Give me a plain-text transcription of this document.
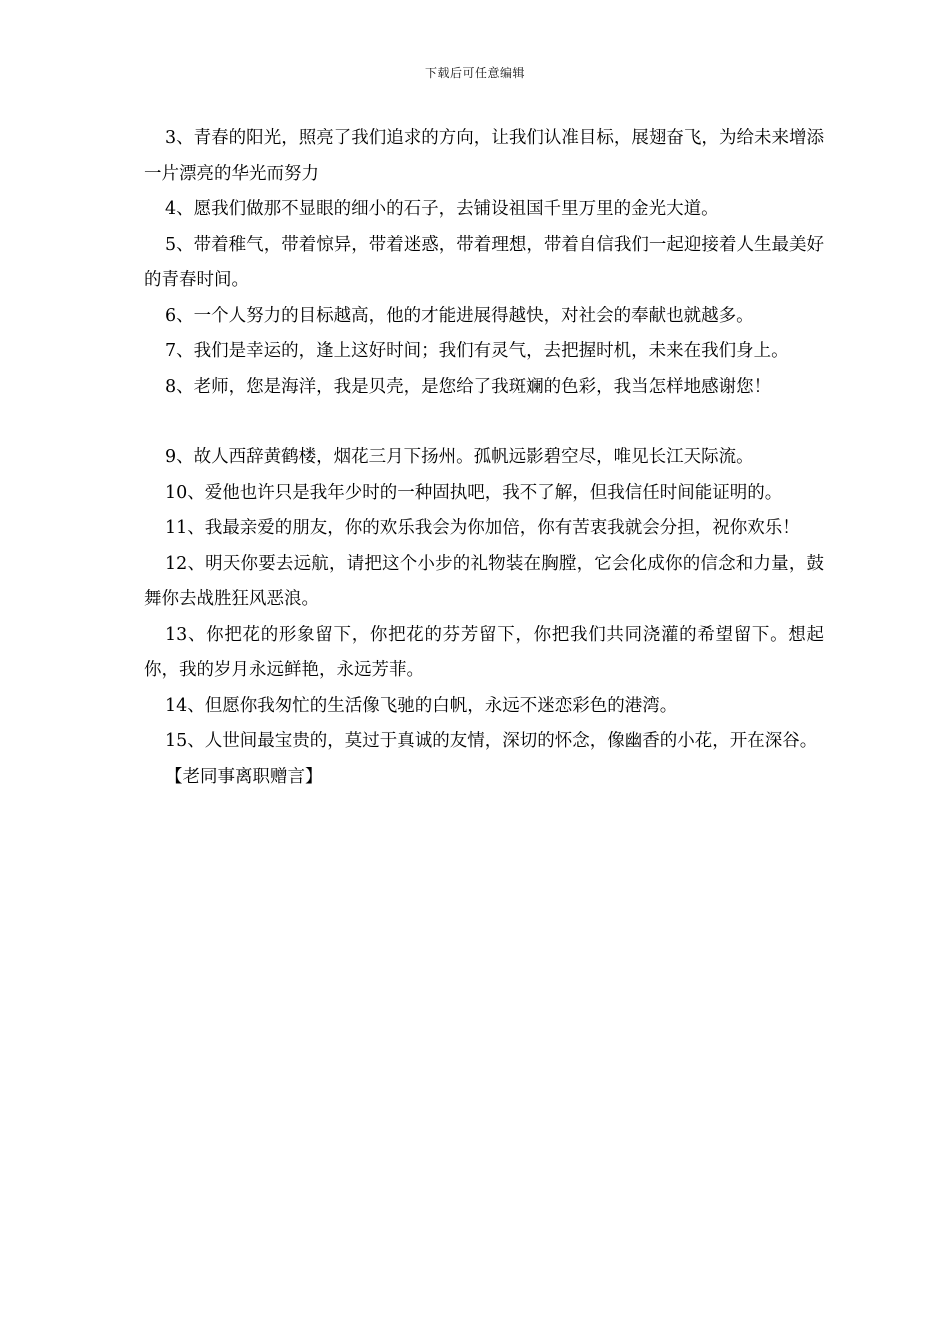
下载后可任意编辑

3、青春的阳光，照亮了我们追求的方向，让我们认准目标，展翅奋飞，为给未来增添一片漂亮的华光而努力

4、愿我们做那不显眼的细小的石子，去铺设祖国千里万里的金光大道。

5、带着稚气，带着惊异，带着迷惑，带着理想，带着自信我们一起迎接着人生最美好的青春时间。

6、一个人努力的目标越高，他的才能进展得越快，对社会的奉献也就越多。

7、我们是幸运的，逢上这好时间；我们有灵气，去把握时机，未来在我们身上。

8、老师，您是海洋，我是贝壳，是您给了我斑斓的色彩，我当怎样地感谢您！

9、故人西辞黄鹤楼，烟花三月下扬州。孤帆远影碧空尽，唯见长江天际流。

10、爱他也许只是我年少时的一种固执吧，我不了解，但我信任时间能证明的。

11、我最亲爱的朋友，你的欢乐我会为你加倍，你有苦衷我就会分担，祝你欢乐！

12、明天你要去远航，请把这个小步的礼物装在胸膛，它会化成你的信念和力量，鼓舞你去战胜狂风恶浪。

13、你把花的形象留下，你把花的芬芳留下，你把我们共同浇灌的希望留下。想起你，我的岁月永远鲜艳，永远芳菲。

14、但愿你我匆忙的生活像飞驰的白帆，永远不迷恋彩色的港湾。

15、人世间最宝贵的，莫过于真诚的友情，深切的怀念，像幽香的小花，开在深谷。

【老同事离职赠言】
